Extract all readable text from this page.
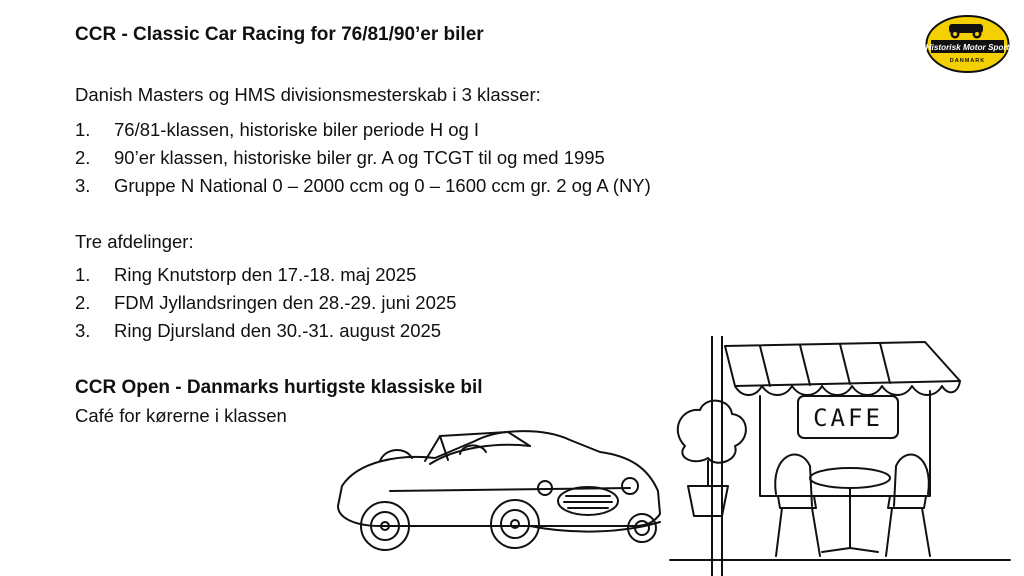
CCR - Classic Car Racing for 76/81/90’er biler

Danish Masters og HMS divisionsmesterskab i 3 klasser:

1. 76/81-klassen, historiske biler periode H og I
2. 90’er klassen, historiske biler gr. A og TCGT til og med 1995
3. Gruppe N National 0 – 2000 ccm og 0 – 1600 ccm gr. 2 og A (NY)

Tre afdelinger:

1. Ring Knutstorp den 17.-18. maj 2025
2. FDM Jyllandsringen den 28.-29. juni 2025
3. Ring Djursland den 30.-31. august 2025

CCR Open - Danmarks hurtigste klassiske bil

Café for kørerne i klassen

Historisk Motor Sport
DANMARK
CAFE
